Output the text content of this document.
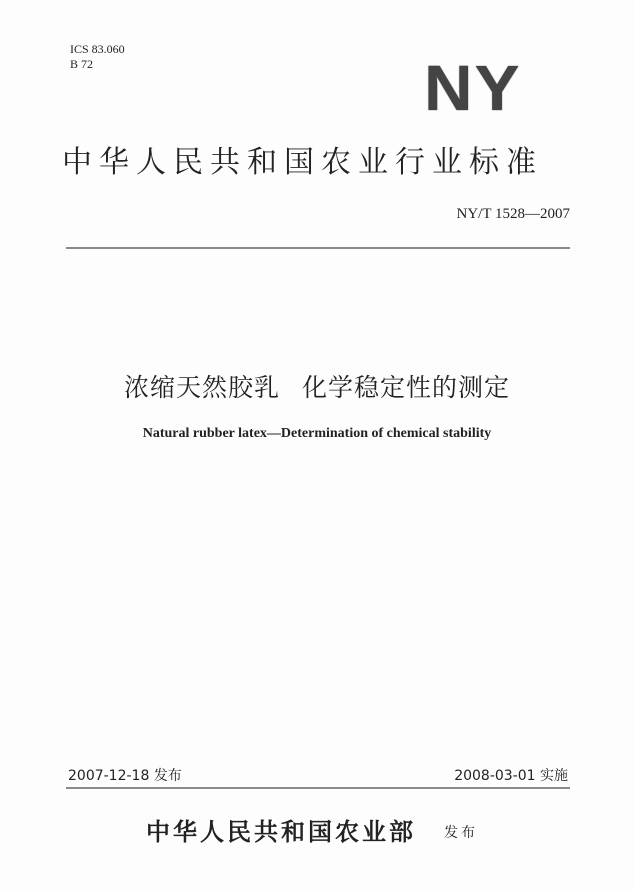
ICS 83.060
B 72	NY
中华人民共和国农业行业标准
NY/T 1528—2007
浓缩天然胶乳 化学稳定性的测定
Natural rubber latex—Determination of chemical stability
2007-12-18 发布	2008-03-01 实施
中华人民共和国农业部 发布
